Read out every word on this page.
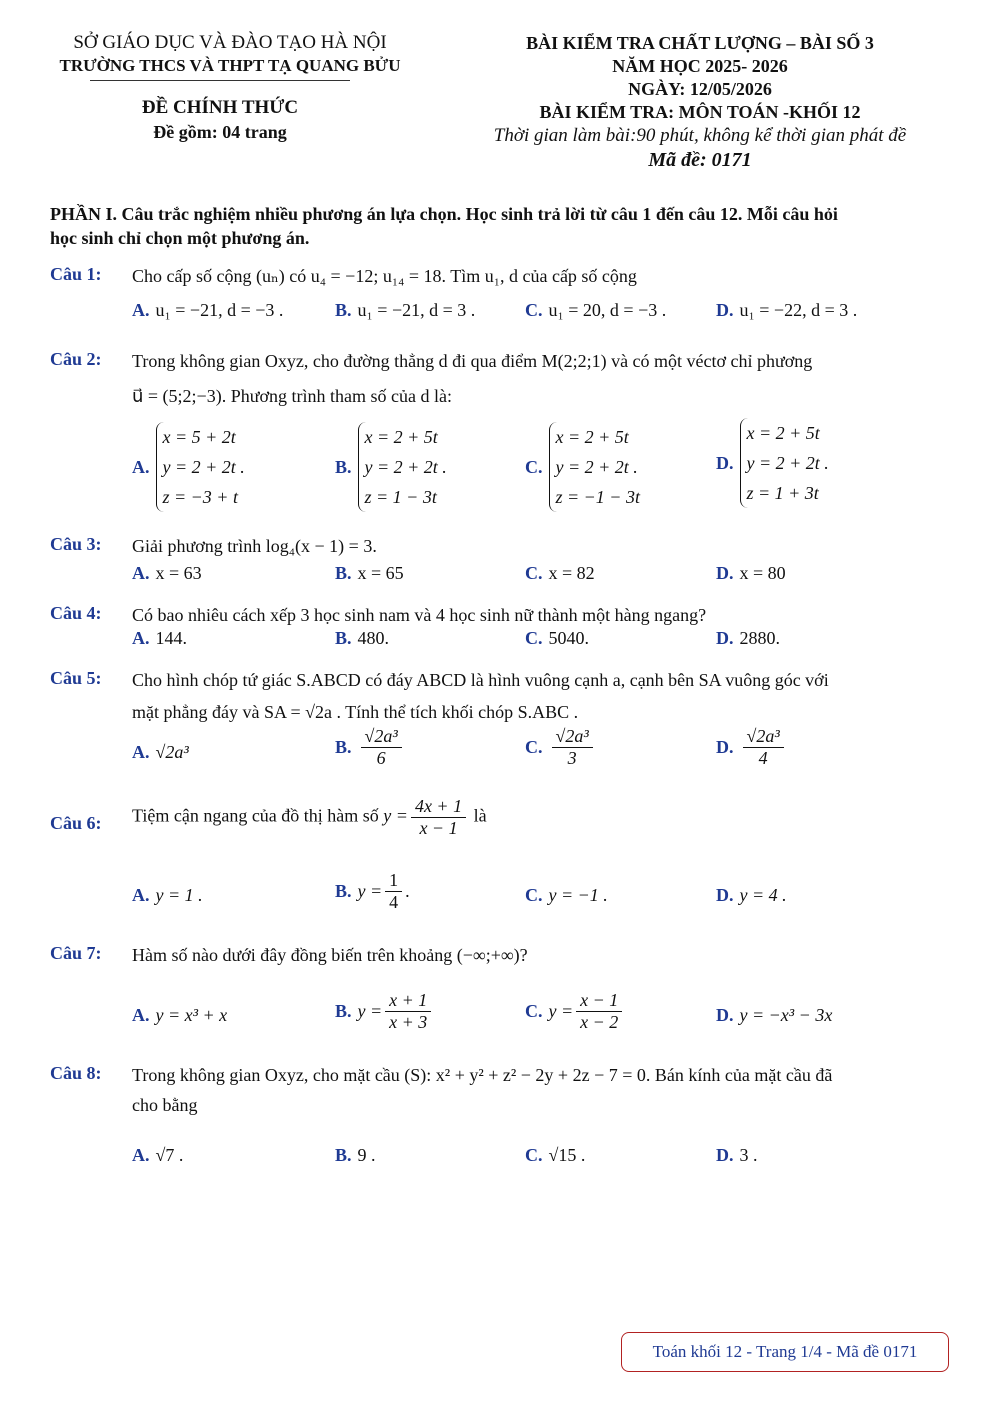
SỞ GIÁO DỤC VÀ ĐÀO TẠO HÀ NỘI
TRƯỜNG THCS VÀ THPT TẠ QUANG BỬU
ĐỀ CHÍNH THỨC
Đề gồm: 04 trang
BÀI KIỂM TRA CHẤT LƯỢNG – BÀI SỐ 3
NĂM HỌC 2025- 2026
NGÀY: 12/05/2026
BÀI KIỂM TRA: MÔN TOÁN -KHỐI 12
Thời gian làm bài:90 phút, không kể thời gian phát đề
Mã đề: 0171
PHẦN I. Câu trắc nghiệm nhiều phương án lựa chọn. Học sinh trả lời từ câu 1 đến câu 12. Mỗi câu hỏi
học sinh chỉ chọn một phương án.
Câu 1: Cho cấp số cộng (uₙ) có u₄ = −12; u₁₄ = 18. Tìm u₁, d của cấp số cộng
A. u₁ = −21, d = −3 .	B. u₁ = −21, d = 3 .	C. u₁ = 20, d = −3 .	D. u₁ = −22, d = 3 .
Câu 2: Trong không gian Oxyz, cho đường thẳng d đi qua điểm M(2;2;1) và có một véctơ chỉ phương
u⃗ = (5;2;−3). Phương trình tham số của d là:
A.
x = 5 + 2t
y = 2 + 2t .
z = −3 + t
B.
x = 2 + 5t
y = 2 + 2t .
z = 1 − 3t
C.
x = 2 + 5t
y = 2 + 2t .
z = −1 − 3t
D.
x = 2 + 5t
y = 2 + 2t .
z = 1 + 3t
Câu 3: Giải phương trình log₄(x − 1) = 3.
A. x = 63	B. x = 65	C. x = 82	D. x = 80
Câu 4: Có bao nhiêu cách xếp 3 học sinh nam và 4 học sinh nữ thành một hàng ngang?
A. 144.	B. 480.	C. 5040.	D. 2880.
Câu 5: Cho hình chóp tứ giác S.ABCD có đáy ABCD là hình vuông cạnh a, cạnh bên SA vuông góc với
mặt phẳng đáy và SA = √2a . Tính thể tích khối chóp S.ABC .
A. √2a³	B. $\frac{\text{√2a³}}{6}$	C. $\frac{\text{√2a³}}{3}$	D. $\frac{\text{√2a³}}{4}$
Câu 6: Tiệm cận ngang của đồ thị hàm số $y = \frac{4x + 1}{x - 1}$ là
A. y = 1 .	B. $y = \frac{1}{4}$ .	C. y = −1 .	D. y = 4 .
Câu 7: Hàm số nào dưới đây đồng biến trên khoảng (−∞;+∞)?
A. y = x³ + x	B. $y = \frac{x + 1}{x + 3}$	C. $y = \frac{x - 1}{x - 2}$	D. y = −x³ − 3x
Câu 8: Trong không gian Oxyz, cho mặt cầu (S): x² + y² + z² − 2y + 2z − 7 = 0. Bán kính của mặt cầu đã
cho bằng
A. √7 .	B. 9 .	C. √15 .	D. 3 .
Toán khối 12 - Trang 1/4 - Mã đề 0171
